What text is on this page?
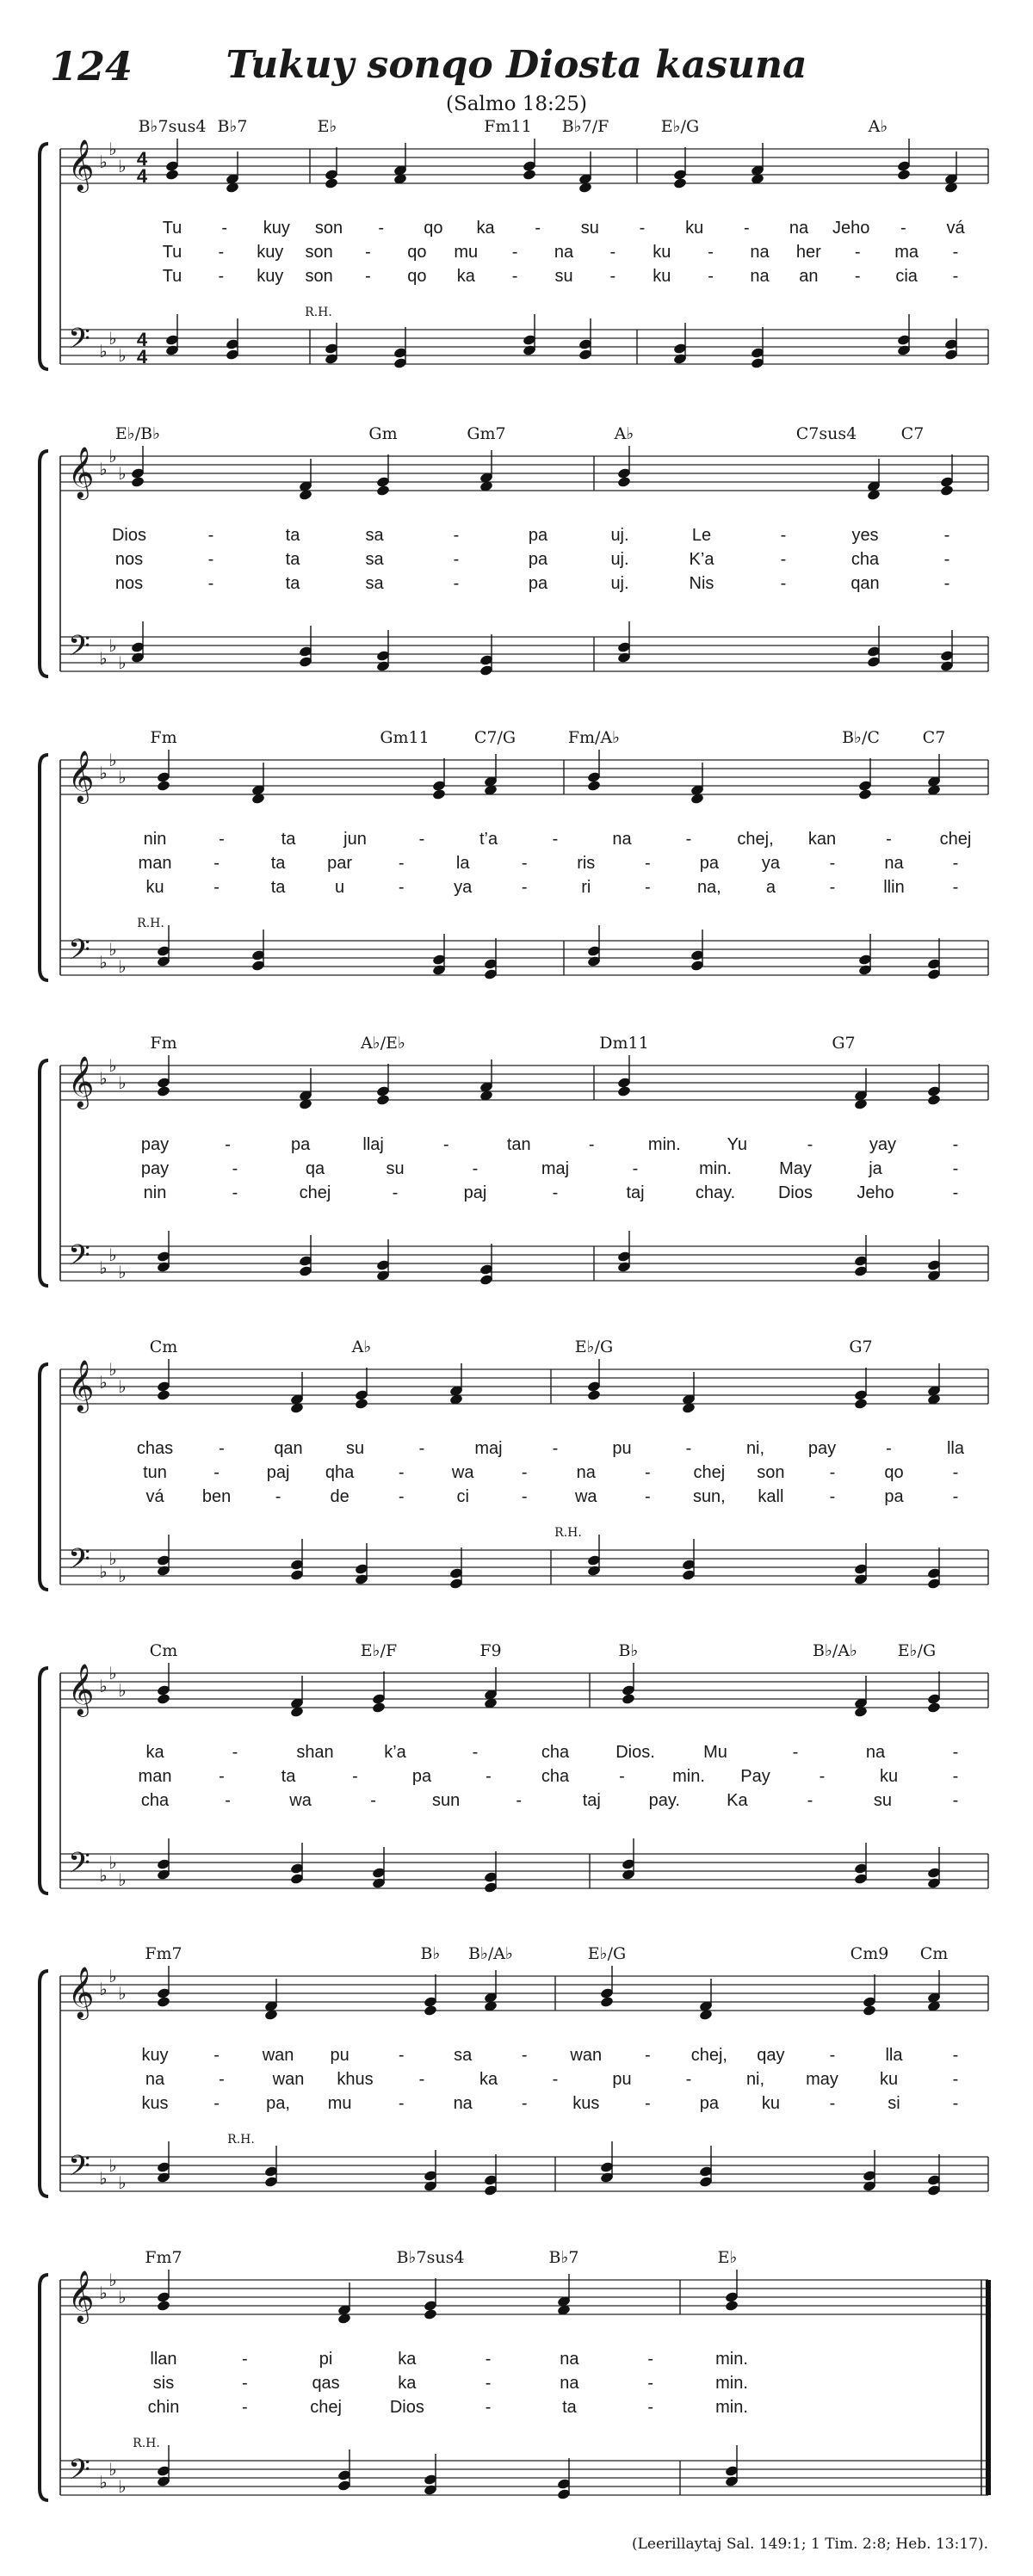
124	Tukuy sonqo Diosta kasuna
(Salmo 18:25)
𝄞
𝄢
♭
♭
♭
♭
♭
♭
4
4
4
4
B♭7sus4 B♭7	E♭	Fm11 B♭7/F	E♭/G	A♭
R.H.
Tu - kuy son - qo ka - su - ku - na Jeho - vá
Tu - kuy son - qo mu - na - ku - na her - ma -
Tu - kuy son - qo ka - su - ku - na an - cia -
𝄞
𝄢
♭
♭
♭
♭
♭
♭
E♭/B♭	Gm	Gm7	A♭	C7sus4	C7
Dios	-	ta	sa	-	pa	uj.	Le	-	yes	-
nos	-	ta	sa	-	pa	uj.	K’a	-	cha	-
nos	-	ta	sa	-	pa	uj.	Nis	-	qan	-
𝄞
𝄢
♭
♭
♭
♭
♭
♭
Fm	Gm11	C7/G	Fm/A♭	B♭/C	C7
R.H.
nin	-	ta	jun	-	t’a	-	na	-	chej, kan	-	chej
man -	ta par	-	la	-	ris	-	pa ya	-	na	-
ku	-	ta	u	-	ya	-	ri	-	na,	a	-	llin	-
𝄞
𝄢
♭
♭
♭
♭
♭
♭
Fm	A♭/E♭	Dm11	G7
pay	-	pa	llaj	-	tan	-	min.	Yu	-	yay	-
pay	-	qa	su	-	maj	-	min.	May	ja	-
nin	-	chej	-	paj	-	taj	chay. Dios	Jeho	-
𝄞
𝄢
♭
♭
♭
♭
♭
♭
Cm	A♭	E♭/G	G7
R.H.
chas	-	qan	su	-	maj	-	pu	-	ni,	pay	-	lla
tun	-	paj qha	-	wa	-	na	- chej son	-	qo	-
vá ben	-	de	-	ci	-	wa	- sun, kall	-	pa	-
𝄞
𝄢
♭
♭
♭
♭
♭
♭
Cm	E♭/F	F9	B♭	B♭/A♭ E♭/G
ka	-	shan	k’a	-	cha	Dios.	Mu	-	na	-
man	-	ta	-	pa	-	cha	-	min. Pay	-	ku	-
cha	-	wa	-	sun	-	taj	pay.	Ka	-	su	-
𝄞
𝄢
♭
♭
♭
♭
♭
♭
Fm7	B♭ B♭/A♭	E♭/G	Cm9 Cm
R.H.
kuy	- wan pu	-	sa	- wan - chej, qay	-	lla	-
na	-	wan khus	-	ka	-	pu	-	ni, may ku	-
kus	-	pa, mu	-	na	-	kus	-	pa ku	-	si	-
𝄞
𝄢
♭
♭
♭
♭
♭
♭
Fm7	B♭7sus4	B♭7	E♭
R.H.
llan	-	pi	ka	-	na	-	min.
sis	-	qas	ka	-	na	-	min.
chin	-	chej	Dios	-	ta	-	min.
(Leerillaytaj Sal. 149:1; 1 Tim. 2:8; Heb. 13:17).
